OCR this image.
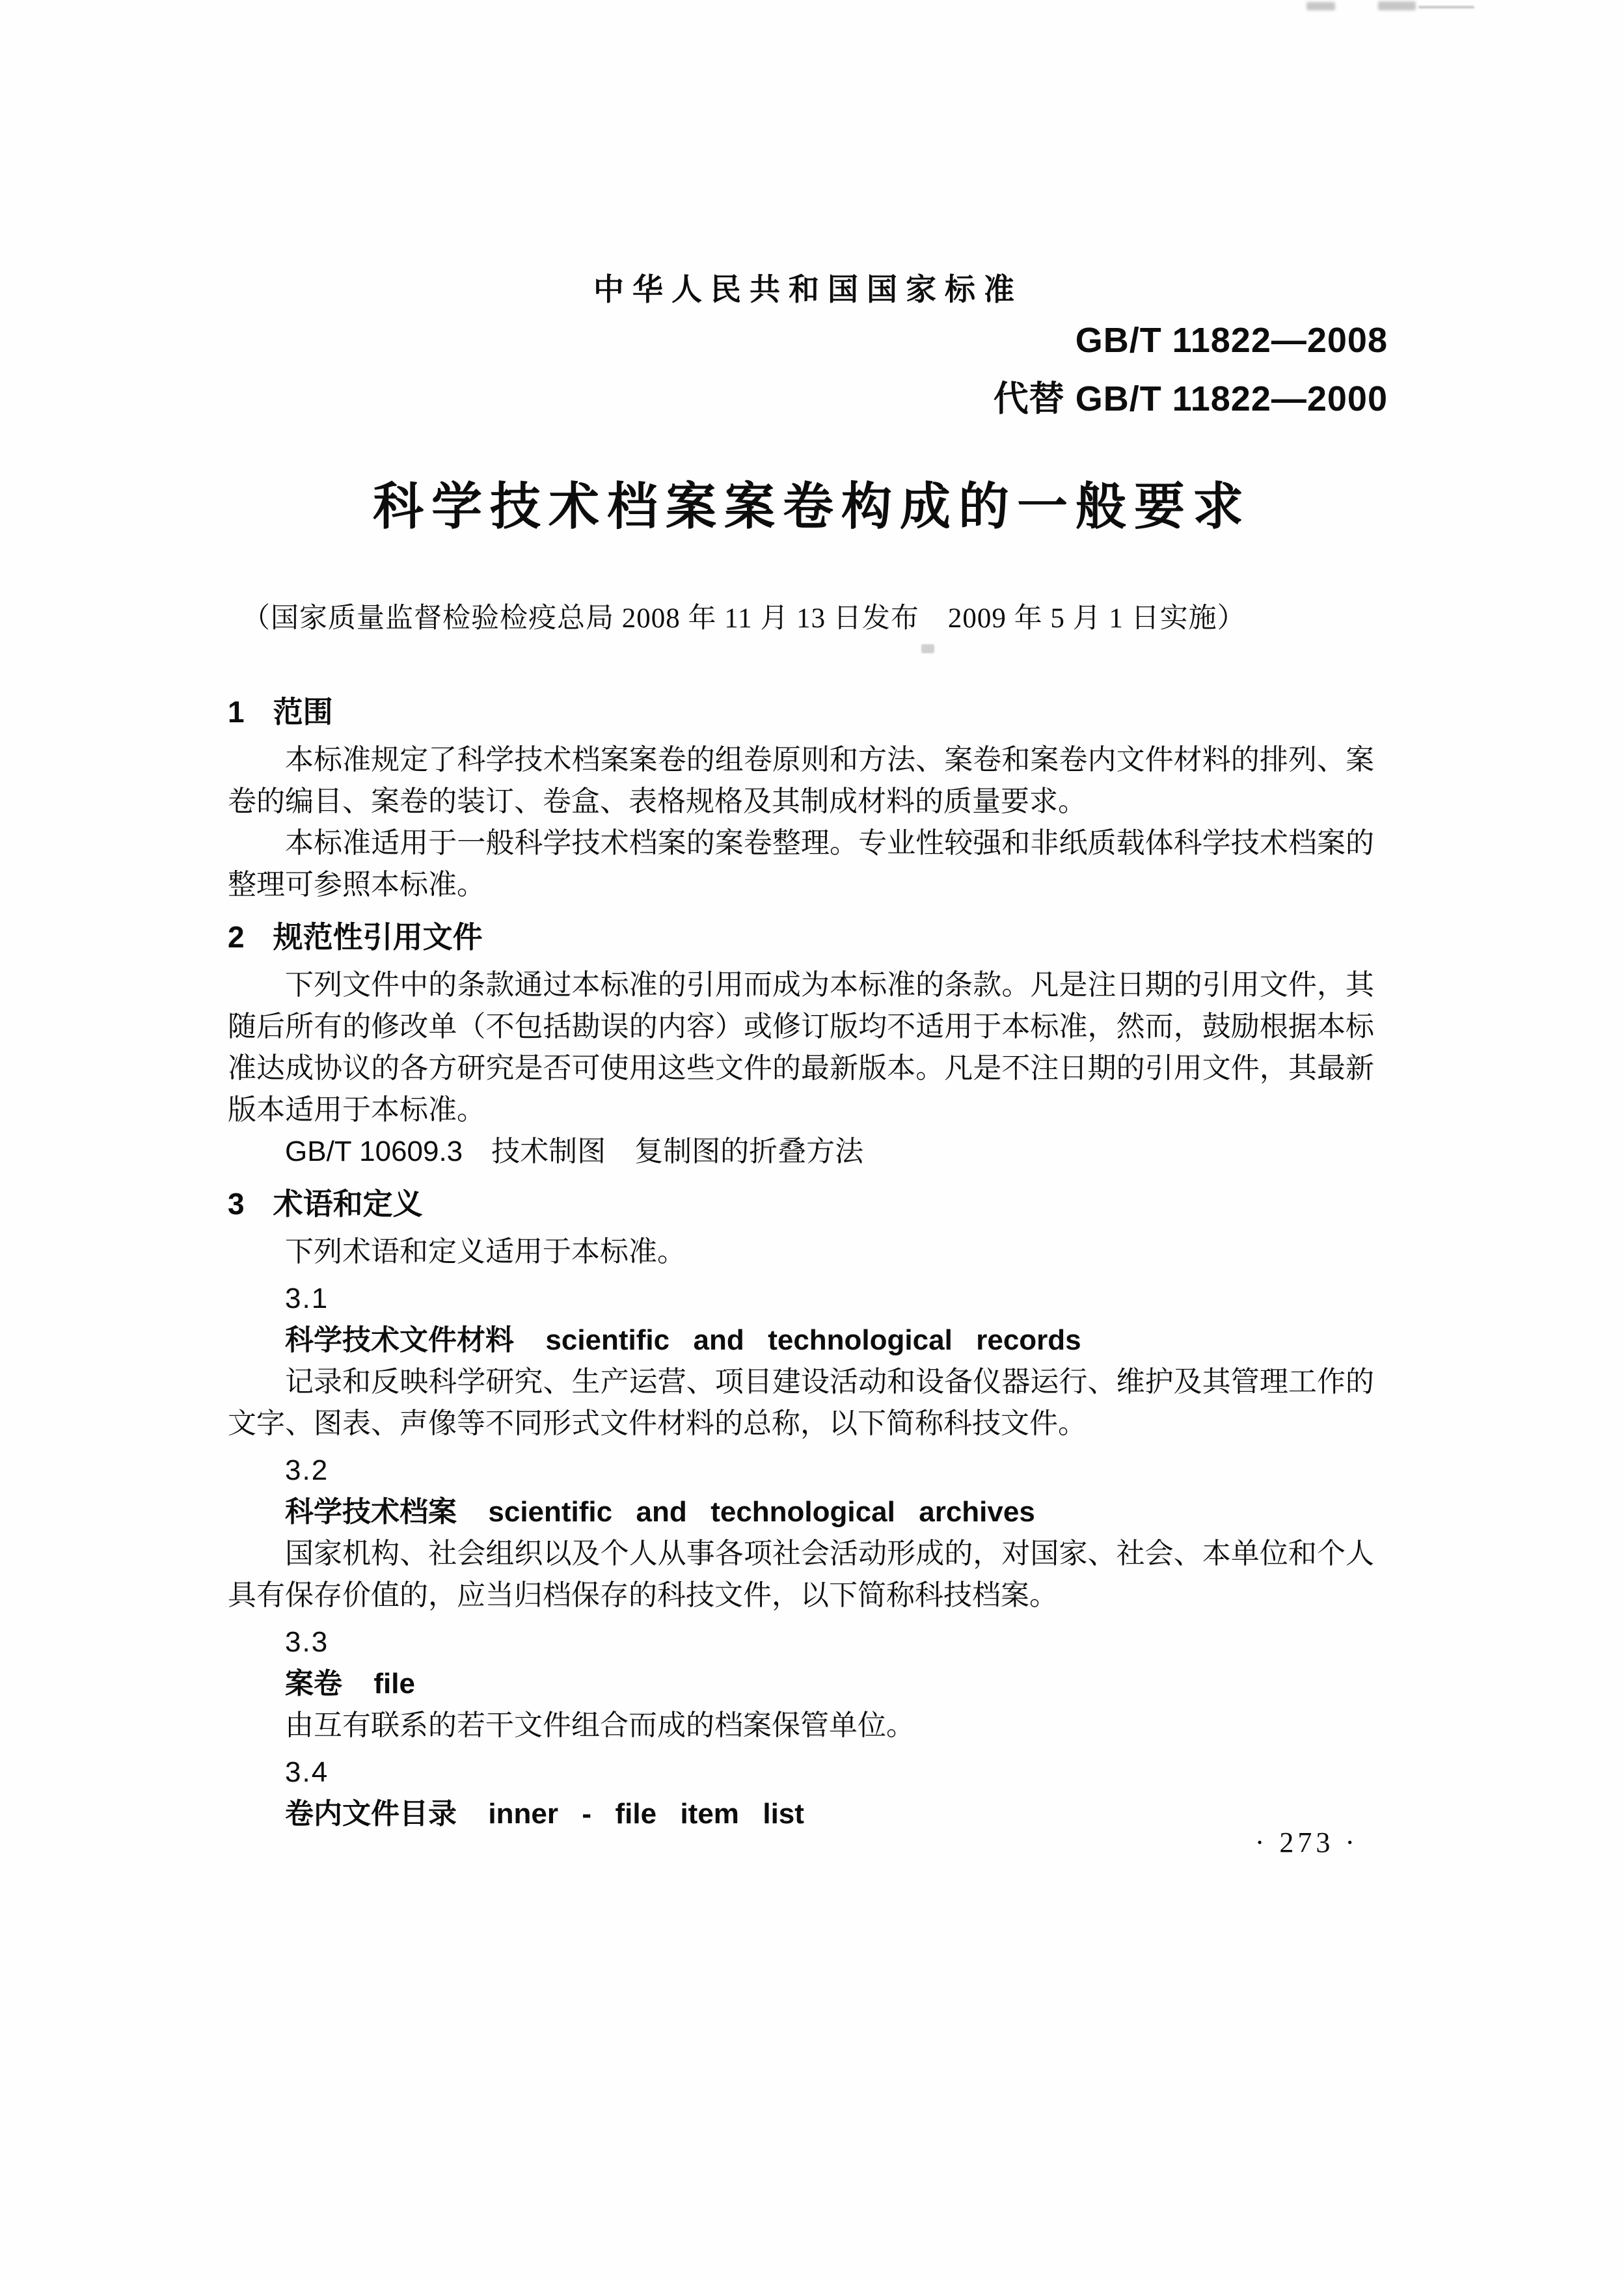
中华人民共和国国家标准
GB/T 11822—2008
代替 GB/T 11822—2000
科学技术档案案卷构成的一般要求
（国家质量监督检验检疫总局 2008 年 11 月 13 日发布　2009 年 5 月 1 日实施）
1 范围

本标准规定了科学技术档案案卷的组卷原则和方法、案卷和案卷内文件材料的排列、案卷的编目、案卷的装订、卷盒、表格规格及其制成材料的质量要求。

本标准适用于一般科学技术档案的案卷整理。专业性较强和非纸质载体科学技术档案的整理可参照本标准。

2 规范性引用文件

下列文件中的条款通过本标准的引用而成为本标准的条款。凡是注日期的引用文件，其随后所有的修改单（不包括勘误的内容）或修订版均不适用于本标准，然而，鼓励根据本标准达成协议的各方研究是否可使用这些文件的最新版本。凡是不注日期的引用文件，其最新版本适用于本标准。

GB/T 10609.3　技术制图　复制图的折叠方法

3 术语和定义

下列术语和定义适用于本标准。

3.1

科学技术文件材料 scientific and technological records

记录和反映科学研究、生产运营、项目建设活动和设备仪器运行、维护及其管理工作的文字、图表、声像等不同形式文件材料的总称，以下简称科技文件。

3.2

科学技术档案 scientific and technological archives

国家机构、社会组织以及个人从事各项社会活动形成的，对国家、社会、本单位和个人具有保存价值的，应当归档保存的科技文件，以下简称科技档案。

3.3

案卷 file

由互有联系的若干文件组合而成的档案保管单位。

3.4

卷内文件目录 inner - file item list

· 273 ·
